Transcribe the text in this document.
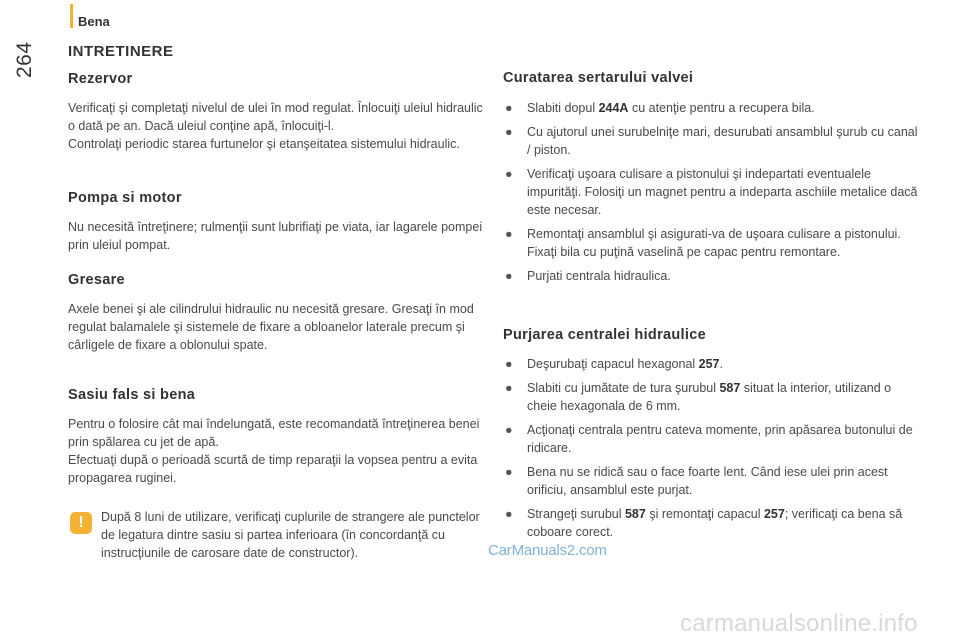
Bena
264 INTRETINERE
Rezervor

Verificaţi şi completaţi nivelul de ulei în mod regulat. Înlocuiţi uleiul hidraulic o dată pe an. Dacă uleiul conţine apă, înlocuiţi-l.

Controlaţi periodic starea furtunelor şi etanşeitatea sistemului hidraulic.

Pompa si motor

Nu necesită întreţinere; rulmenţii sunt lubrifiaţi pe viata, iar lagarele pompei prin uleiul pompat.

Gresare

Axele benei şi ale cilindrului hidraulic nu necesită gresare. Gresaţi în mod regulat balamalele şi sistemele de fixare a obloanelor laterale precum şi cârligele de fixare a oblonului spate.

Sasiu fals si bena

Pentru o folosire cât mai îndelungată, este recomandată întreţinerea benei prin spălarea cu jet de apă.

Efectuaţi după o perioadă scurtă de timp reparaţii la vopsea pentru a evita propagarea ruginei.

!	După 8 luni de utilizare, verificaţi cuplurile de strangere ale punctelor de legatura dintre sasiu si partea inferioara (în concordanţă cu instrucţiunile de carosare date de constructor).

Curatarea sertarului valvei
● Slabiti dopul 244A cu atenţie pentru a recupera bila.
● Cu ajutorul unei surubelniţe mari, desurubati ansamblul şurub cu canal / piston.
● Verificaţi uşoara culisare a pistonului şi indepartati eventualele impurităţi. Folosiţi un magnet pentru a indeparta aschiile metalice dacă este necesar.
● Remontaţi ansamblul şi asigurati-va de uşoara culisare a pistonului. Fixaţi bila cu puţină vaselină pe capac pentru remontare.
● Purjati centrala hidraulica.
Purjarea centralei hidraulice
● Deşurubaţi capacul hexagonal 257.
● Slabiti cu jumătate de tura şurubul 587 situat la interior, utilizand o cheie hexagonala de 6 mm.
● Acţionaţi centrala pentru cateva momente, prin apăsarea butonului de ridicare.
● Bena nu se ridică sau o face foarte lent. Când iese ulei prin acest orificiu, ansamblul este purjat.
● Strangeţi surubul 587 şi remontaţi capacul 257; verificaţi ca bena să coboare corect.
CarManuals2.com
carmanualsonline.info
